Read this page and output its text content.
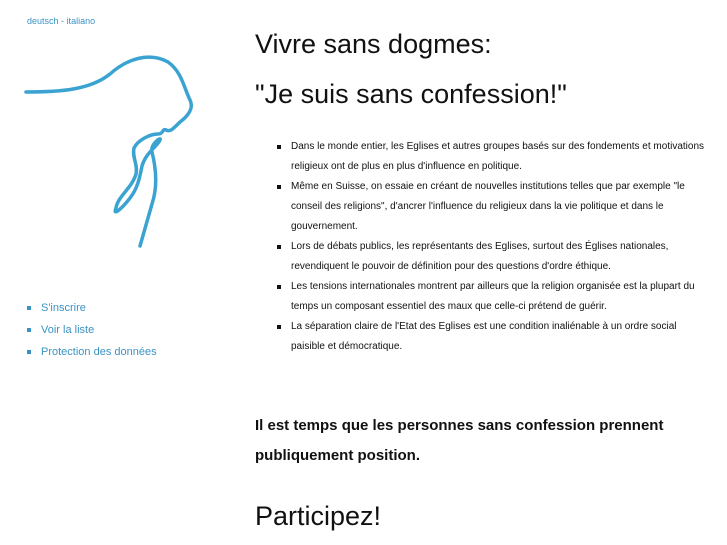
deutsch - italiano
S'inscrire
Voir la liste
Protection des données
Vivre sans dogmes:
"Je suis sans confession!"
Dans le monde entier, les Eglises et autres groupes basés sur des fondements et motivations religieux ont de plus en plus d'influence en politique.
Même en Suisse, on essaie en créant de nouvelles institutions telles que par exemple "le conseil des religions", d'ancrer l'influence du religieux dans la vie politique et dans le gouvernement.
Lors de débats publics, les représentants des Eglises, surtout des Églises nationales, revendiquent le pouvoir de définition pour des questions d'ordre éthique.
Les tensions internationales montrent par ailleurs que la religion organisée est la plupart du temps un composant essentiel des maux que celle-ci prétend de guérir.
La séparation claire de l'Etat des Eglises est une condition inaliénable à un ordre social paisible et démocratique.

Il est temps que les personnes sans confession prennent publiquement position.

Participez!
